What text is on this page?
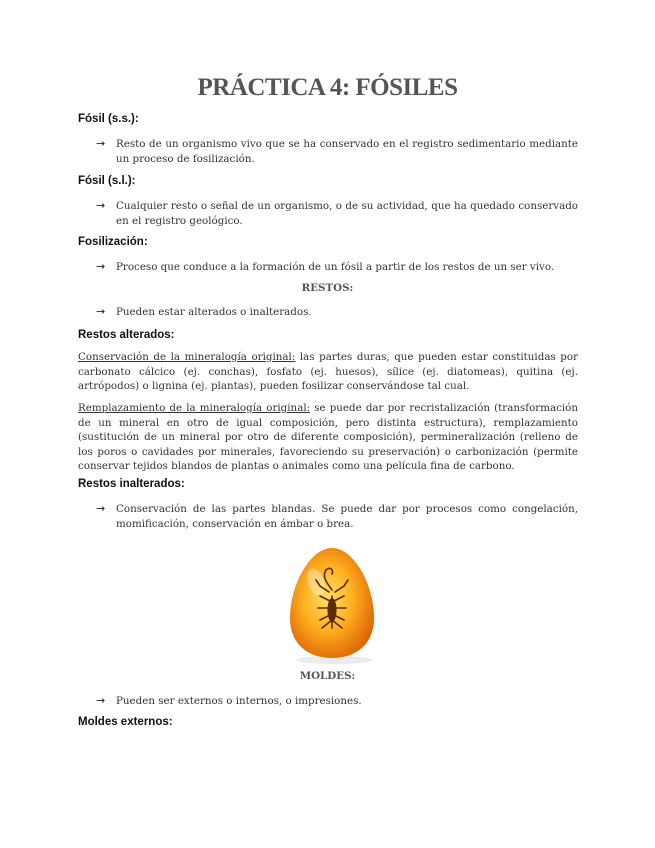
PRÁCTICA 4: FÓSILES
Fósil (s.s.):
→ Resto de un organismo vivo que se ha conservado en el registro sedimentario mediante un proceso de fosilización.
Fósil (s.l.):
→ Cualquier resto o señal de un organismo, o de su actividad, que ha quedado conservado en el registro geológico.
Fosilización:
→ Proceso que conduce a la formación de un fósil a partir de los restos de un ser vivo.
RESTOS:
→ Pueden estar alterados o inalterados.
Restos alterados:
Conservación de la mineralogía original: las partes duras, que pueden estar constituidas por carbonato cálcico (ej. conchas), fosfato (ej. huesos), sílice (ej. diatomeas), quitina (ej. artrópodos) o lignina (ej. plantas), pueden fosilizar conservándose tal cual.
Remplazamiento de la mineralogía original: se puede dar por recristalización (transformación de un mineral en otro de igual composición, pero distinta estructura), remplazamiento (sustitución de un mineral por otro de diferente composición), permineralización (relleno de los poros o cavidades por minerales, favoreciendo su preservación) o carbonización (permite conservar tejidos blandos de plantas o animales como una película fina de carbono.
Restos inalterados:
→ Conservación de las partes blandas. Se puede dar por procesos como congelación, momificación, conservación en ámbar o brea.
MOLDES:
→ Pueden ser externos o internos, o impresiones.
Moldes externos:
